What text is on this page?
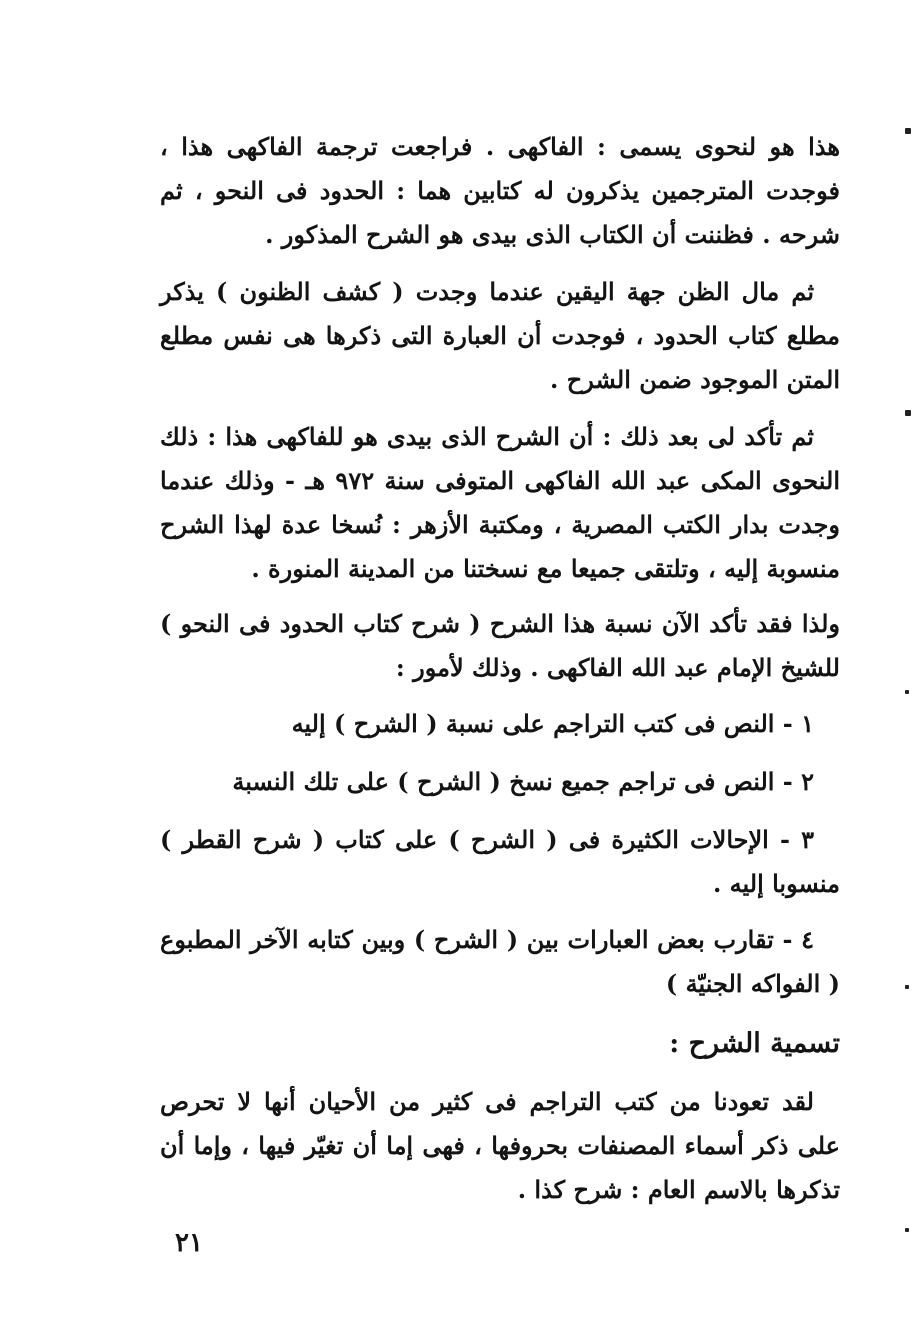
هذا هو لنحوى يسمى : الفاكهى . فراجعت ترجمة الفاكهى هذا ، فوجدت المترجمين يذكرون له كتابين هما : الحدود فى النحو ، ثم شرحه . فظننت أن الكتاب الذى بيدى هو الشرح المذكور .
ثم مال الظن جهة اليقين عندما وجدت ( كشف الظنون ) يذكر مطلع كتاب الحدود ، فوجدت أن العبارة التى ذكرها هى نفس مطلع المتن الموجود ضمن الشرح .
ثم تأكد لى بعد ذلك : أن الشرح الذى بيدى هو للفاكهى هذا : ذلك النحوى المكى عبد الله الفاكهى المتوفى سنة ٩٧٢ هـ - وذلك عندما وجدت بدار الكتب المصرية ، ومكتبة الأزهر : نُسخا عدة لهذا الشرح منسوبة إليه ، وتلتقى جميعا مع نسختنا من المدينة المنورة .
ولذا فقد تأكد الآن نسبة هذا الشرح ( شرح كتاب الحدود فى النحو ) للشيخ الإمام عبد الله الفاكهى . وذلك لأمور :
١ - النص فى كتب التراجم على نسبة ( الشرح ) إليه
٢ - النص فى تراجم جميع نسخ ( الشرح ) على تلك النسبة
٣ - الإحالات الكثيرة فى ( الشرح ) على كتاب ( شرح القطر ) منسوبا إليه .
٤ - تقارب بعض العبارات بين ( الشرح ) وبين كتابه الآخر المطبوع ( الفواكه الجنيّة )
تسمية الشرح :
لقد تعودنا من كتب التراجم فى كثير من الأحيان أنها لا تحرص على ذكر أسماء المصنفات بحروفها ، فهى إما أن تغيّر فيها ، وإما أن تذكرها بالاسم العام : شرح كذا .
٢١
